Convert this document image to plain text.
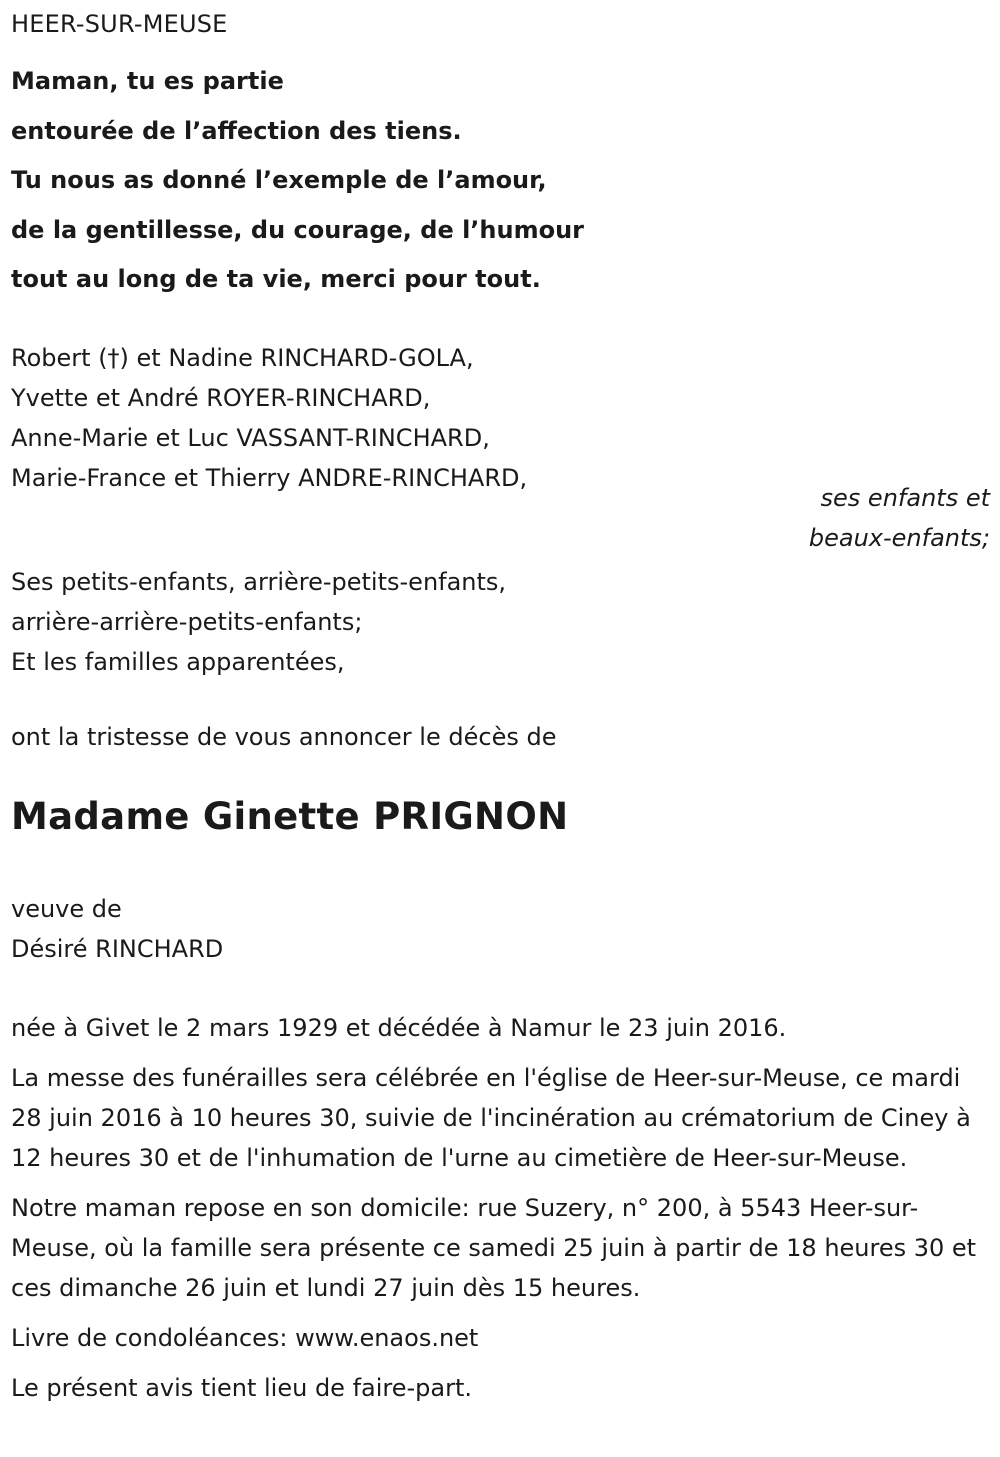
HEER-SUR-MEUSE
Maman, tu es partie
entourée de l’affection des tiens.
Tu nous as donné l’exemple de l’amour,
de la gentillesse, du courage, de l’humour
tout au long de ta vie, merci pour tout.
Robert (†) et Nadine RINCHARD-GOLA,
Yvette et André ROYER-RINCHARD,
Anne-Marie et Luc VASSANT-RINCHARD,
Marie-France et Thierry ANDRE-RINCHARD,
ses enfants et
beaux-enfants;
Ses petits-enfants, arrière-petits-enfants,
arrière-arrière-petits-enfants;
Et les familles apparentées,
ont la tristesse de vous annoncer le décès de
Madame Ginette PRIGNON
veuve de
Désiré RINCHARD

née à Givet le 2 mars 1929 et décédée à Namur le 23 juin 2016.

La messe des funérailles sera célébrée en l'église de Heer-sur-Meuse, ce mardi 28 juin 2016 à 10 heures 30, suivie de l'incinération au crématorium de Ciney à 12 heures 30 et de l'inhumation de l'urne au cimetière de Heer-sur-Meuse.

Notre maman repose en son domicile: rue Suzery, n° 200, à 5543 Heer-sur-Meuse, où la famille sera présente ce samedi 25 juin à partir de 18 heures 30 et ces dimanche 26 juin et lundi 27 juin dès 15 heures.

Livre de condoléances: www.enaos.net

Le présent avis tient lieu de faire-part.
